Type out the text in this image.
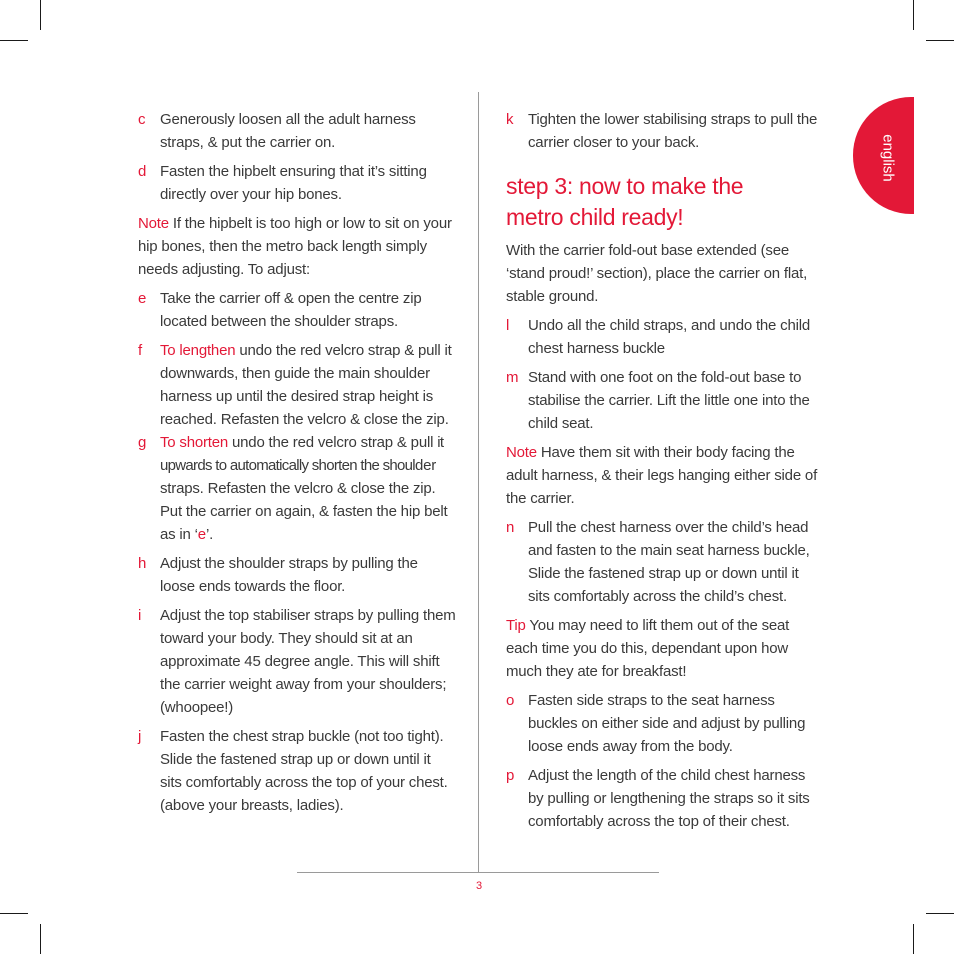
english
c Generously loosen all the adult harness straps, & put the carrier on.
d Fasten the hipbelt ensuring that it’s sitting directly over your hip bones.

Note If the hipbelt is too high or low to sit on your hip bones, then the metro back length simply needs adjusting. To adjust:

e Take the carrier off & open the centre zip located between the shoulder straps.
f To lengthen undo the red velcro strap & pull it downwards, then guide the main shoulder harness up until the desired strap height is reached. Refasten the velcro & close the zip.
g To shorten undo the red velcro strap & pull it upwards to automatically shorten the shoulder straps. Refasten the velcro & close the zip. Put the carrier on again, & fasten the hip belt as in ‘e’.
h Adjust the shoulder straps by pulling the loose ends towards the floor.
i Adjust the top stabiliser straps by pulling them toward your body. They should sit at an approximate 45 degree angle. This will shift the carrier weight away from your shoulders; (whoopee!)
j Fasten the chest strap buckle (not too tight). Slide the fastened strap up or down until it sits comfortably across the top of your chest. (above your breasts, ladies).
k Tighten the lower stabilising straps to pull the carrier closer to your back.
step 3: now to make the
metro child ready!

With the carrier fold-out base extended (see ‘stand proud!’ section), place the carrier on flat, stable ground.

l Undo all the child straps, and undo the child chest harness buckle
m Stand with one foot on the fold-out base to stabilise the carrier. Lift the little one into the child seat.

Note Have them sit with their body facing the adult harness, & their legs hanging either side of the carrier.

n Pull the chest harness over the child’s head and fasten to the main seat harness buckle, Slide the fastened strap up or down until it sits comfortably across the child’s chest.

Tip You may need to lift them out of the seat each time you do this, dependant upon how much they ate for breakfast!

o Fasten side straps to the seat harness buckles on either side and adjust by pulling loose ends away from the body.
p Adjust the length of the child chest harness by pulling or lengthening the straps so it sits comfortably across the top of their chest.
3
